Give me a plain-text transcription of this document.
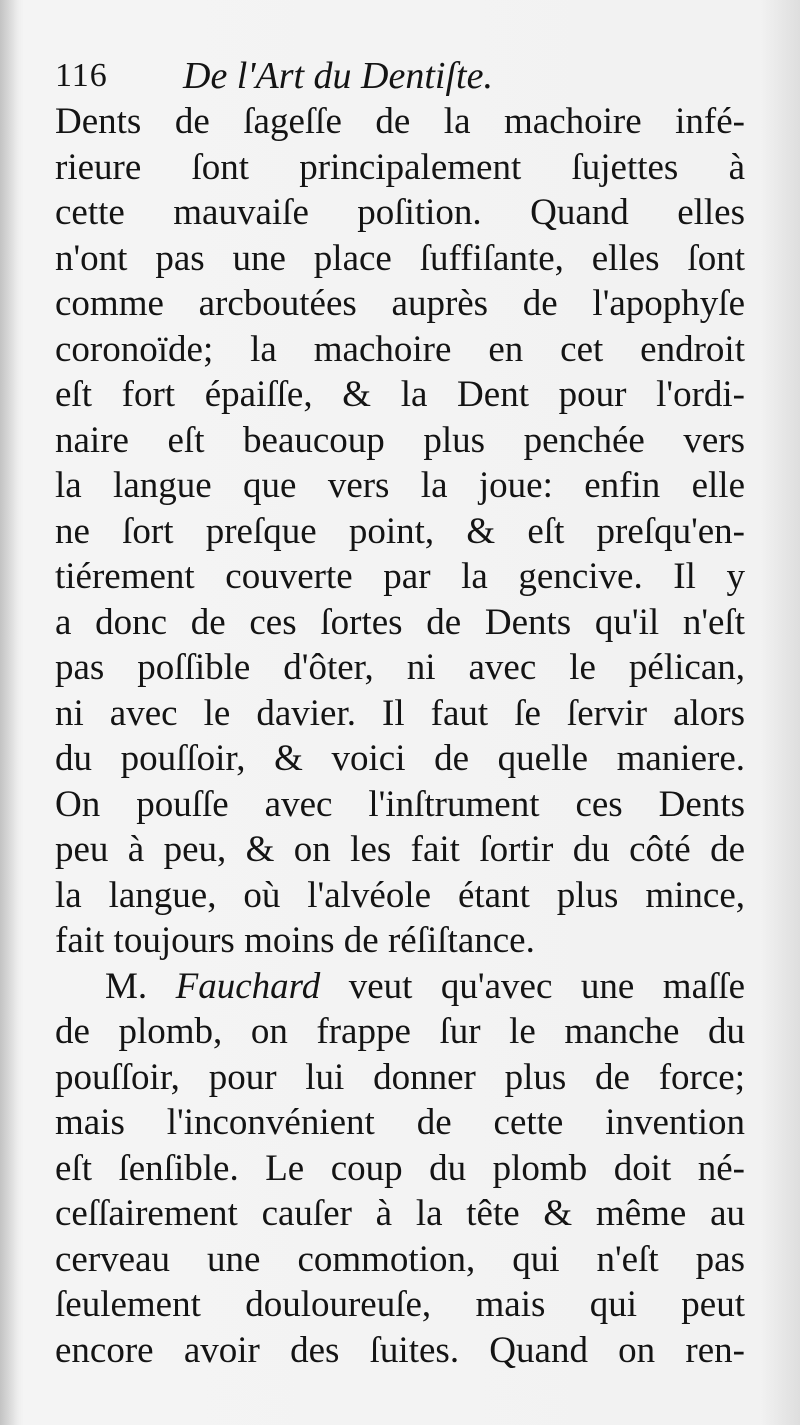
116 De l'Art du Dentiſte.
Dents de ſageſſe de la machoire infé-
rieure ſont principalement ſujettes à
cette mauvaiſe poſition. Quand elles
n'ont pas une place ſuffiſante, elles ſont
comme arcboutées auprès de l'apophyſe
coronoïde; la machoire en cet endroit
eſt fort épaiſſe, & la Dent pour l'ordi-
naire eſt beaucoup plus penchée vers
la langue que vers la joue: enfin elle
ne ſort preſque point, & eſt preſqu'en-
tiérement couverte par la gencive. Il y
a donc de ces ſortes de Dents qu'il n'eſt
pas poſſible d'ôter, ni avec le pélican,
ni avec le davier. Il faut ſe ſervir alors
du pouſſoir, & voici de quelle maniere.
On pouſſe avec l'inſtrument ces Dents
peu à peu, & on les fait ſortir du côté de
la langue, où l'alvéole étant plus mince,
fait toujours moins de réſiſtance.
M. Fauchard veut qu'avec une maſſe
de plomb, on frappe ſur le manche du
pouſſoir, pour lui donner plus de force;
mais l'inconvénient de cette invention
eſt ſenſible. Le coup du plomb doit né-
ceſſairement cauſer à la tête & même au
cerveau une commotion, qui n'eſt pas
ſeulement douloureuſe, mais qui peut
encore avoir des ſuites. Quand on ren-
